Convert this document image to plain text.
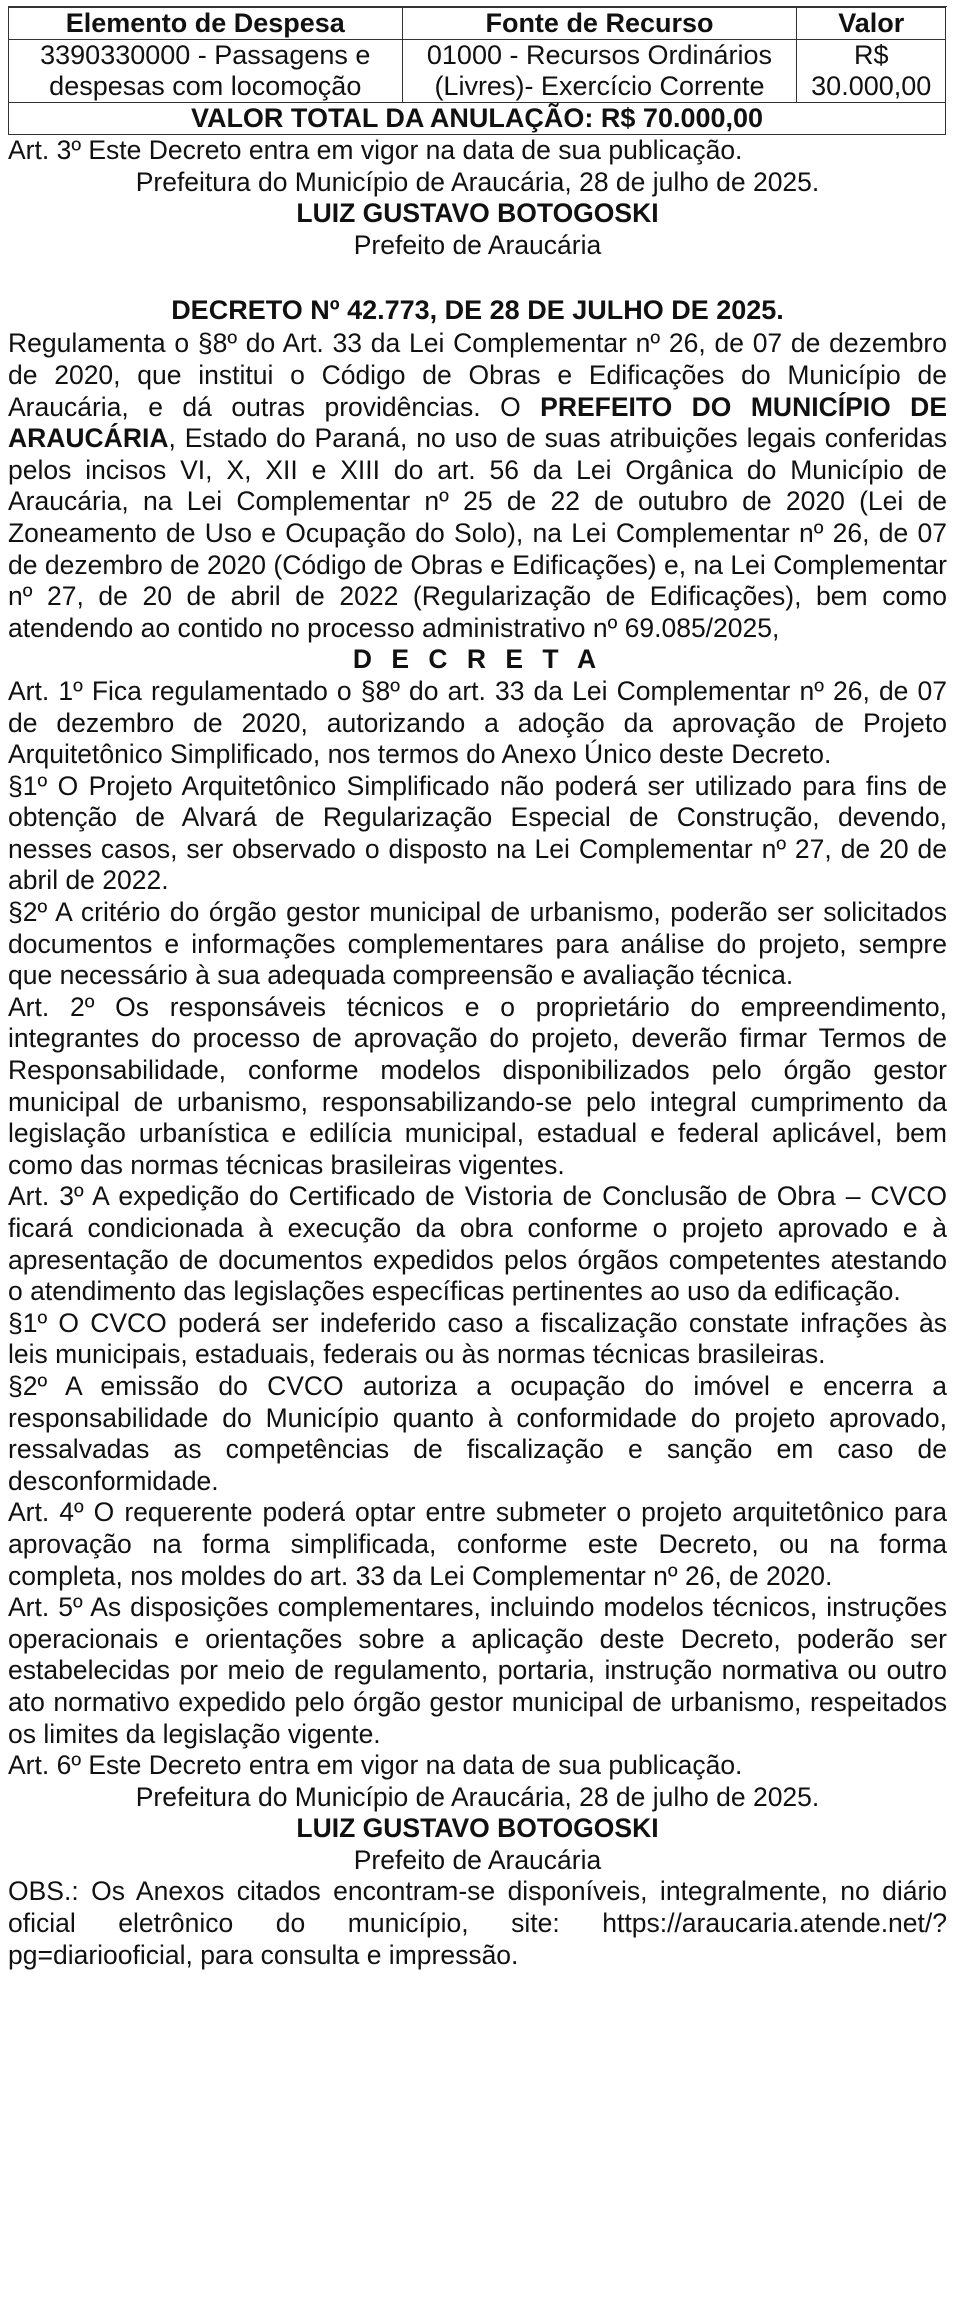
Elemento de Despesa	Fonte de Recurso	Valor
3390330000 - Passagens e despesas com locomoção	01000 - Recursos Ordinários (Livres)- Exercício Corrente	R$ 30.000,00
VALOR TOTAL DA ANULAÇÃO: R$ 70.000,00		

Art. 3º Este Decreto entra em vigor na data de sua publicação.

Prefeitura do Município de Araucária, 28 de julho de 2025.

LUIZ GUSTAVO BOTOGOSKI

Prefeito de Araucária

DECRETO Nº 42.773, DE 28 DE JULHO DE 2025.

Regulamenta o §8º do Art. 33 da Lei Complementar nº 26, de 07 de dezembro de 2020, que institui o Código de Obras e Edificações do Município de Araucária, e dá outras providências. O PREFEITO DO MUNICÍPIO DE ARAUCÁRIA, Estado do Paraná, no uso de suas atribuições legais conferidas pelos incisos VI, X, XII e XIII do art. 56 da Lei Orgânica do Município de Araucária, na Lei Complementar nº 25 de 22 de outubro de 2020 (Lei de Zoneamento de Uso e Ocupação do Solo), na Lei Complementar nº 26, de 07 de dezembro de 2020 (Código de Obras e Edificações) e, na Lei Complementar nº 27, de 20 de abril de 2022 (Regularização de Edificações), bem como atendendo ao contido no processo administrativo nº 69.085/2025,

D E C R E T A

Art. 1º Fica regulamentado o §8º do art. 33 da Lei Complementar nº 26, de 07 de dezembro de 2020, autorizando a adoção da aprovação de Projeto Arquitetônico Simplificado, nos termos do Anexo Único deste Decreto.

§1º O Projeto Arquitetônico Simplificado não poderá ser utilizado para fins de obtenção de Alvará de Regularização Especial de Construção, devendo, nesses casos, ser observado o disposto na Lei Complementar nº 27, de 20 de abril de 2022.

§2º A critério do órgão gestor municipal de urbanismo, poderão ser solicitados documentos e informações complementares para análise do projeto, sempre que necessário à sua adequada compreensão e avaliação técnica.

Art. 2º Os responsáveis técnicos e o proprietário do empreendimento, integrantes do processo de aprovação do projeto, deverão firmar Termos de Responsabilidade, conforme modelos disponibilizados pelo órgão gestor municipal de urbanismo, responsabilizando-se pelo integral cumprimento da legislação urbanística e edilícia municipal, estadual e federal aplicável, bem como das normas técnicas brasileiras vigentes.

Art. 3º A expedição do Certificado de Vistoria de Conclusão de Obra – CVCO ficará condicionada à execução da obra conforme o projeto aprovado e à apresentação de documentos expedidos pelos órgãos competentes atestando o atendimento das legislações específicas pertinentes ao uso da edificação.

§1º O CVCO poderá ser indeferido caso a fiscalização constate infrações às leis municipais, estaduais, federais ou às normas técnicas brasileiras.

§2º A emissão do CVCO autoriza a ocupação do imóvel e encerra a responsabilidade do Município quanto à conformidade do projeto aprovado, ressalvadas as competências de fiscalização e sanção em caso de desconformidade.

Art. 4º O requerente poderá optar entre submeter o projeto arquitetônico para aprovação na forma simplificada, conforme este Decreto, ou na forma completa, nos moldes do art. 33 da Lei Complementar nº 26, de 2020.

Art. 5º As disposições complementares, incluindo modelos técnicos, instruções operacionais e orientações sobre a aplicação deste Decreto, poderão ser estabelecidas por meio de regulamento, portaria, instrução normativa ou outro ato normativo expedido pelo órgão gestor municipal de urbanismo, respeitados os limites da legislação vigente.

Art. 6º Este Decreto entra em vigor na data de sua publicação.

Prefeitura do Município de Araucária, 28 de julho de 2025.

LUIZ GUSTAVO BOTOGOSKI

Prefeito de Araucária

OBS.: Os Anexos citados encontram-se disponíveis, integralmente, no diário oficial eletrônico do município, site: https://araucaria.atende.net/?pg=diariooficial, para consulta e impressão.
